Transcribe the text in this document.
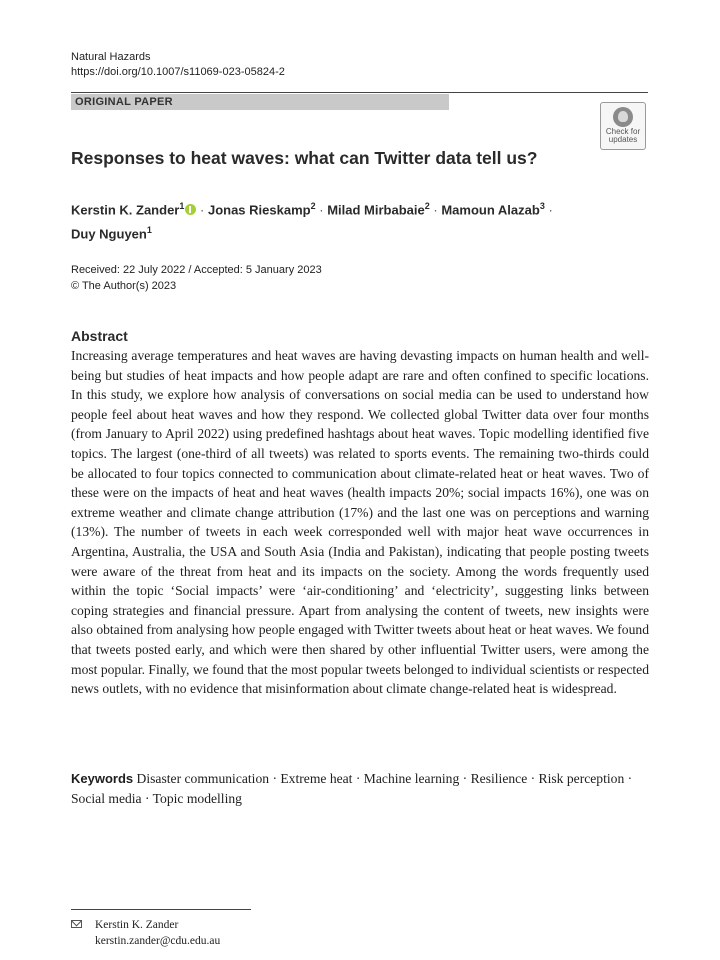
Natural Hazards
https://doi.org/10.1007/s11069-023-05824-2
ORIGINAL PAPER
Check for
updates
Responses to heat waves: what can Twitter data tell us?
Kerstin K. Zander$^1$ · Jonas Rieskamp$^2$ · Milad Mirbabaie$^2$ · Mamoun Alazab$^3$ ·
Duy Nguyen$^1$
Received: 22 July 2022 / Accepted: 5 January 2023
© The Author(s) 2023
Abstract
Increasing average temperatures and heat waves are having devasting impacts on human health and well-being but studies of heat impacts and how people adapt are rare and often confined to specific locations. In this study, we explore how analysis of conversations on social media can be used to understand how people feel about heat waves and how they respond. We collected global Twitter data over four months (from January to April 2022) using predefined hashtags about heat waves. Topic modelling identified five topics. The largest (one-third of all tweets) was related to sports events. The remaining two-thirds could be allocated to four topics connected to communication about climate-related heat or heat waves. Two of these were on the impacts of heat and heat waves (health impacts 20%; social impacts 16%), one was on extreme weather and climate change attribution (17%) and the last one was on perceptions and warning (13%). The number of tweets in each week corresponded well with major heat wave occurrences in Argentina, Australia, the USA and South Asia (India and Pakistan), indicating that people posting tweets were aware of the threat from heat and its impacts on the society. Among the words frequently used within the topic ‘Social impacts’ were ‘air-conditioning’ and ‘electricity’, suggesting links between coping strategies and financial pressure. Apart from analysing the content of tweets, new insights were also obtained from analysing how people engaged with Twitter tweets about heat or heat waves. We found that tweets posted early, and which were then shared by other influential Twitter users, were among the most popular. Finally, we found that the most popular tweets belonged to individual scientists or respected news outlets, with no evidence that misinformation about climate change-related heat is widespread.
Keywords Disaster communication · Extreme heat · Machine learning · Resilience · Risk perception · Social media · Topic modelling
Kerstin K. Zander
kerstin.zander@cdu.edu.au
